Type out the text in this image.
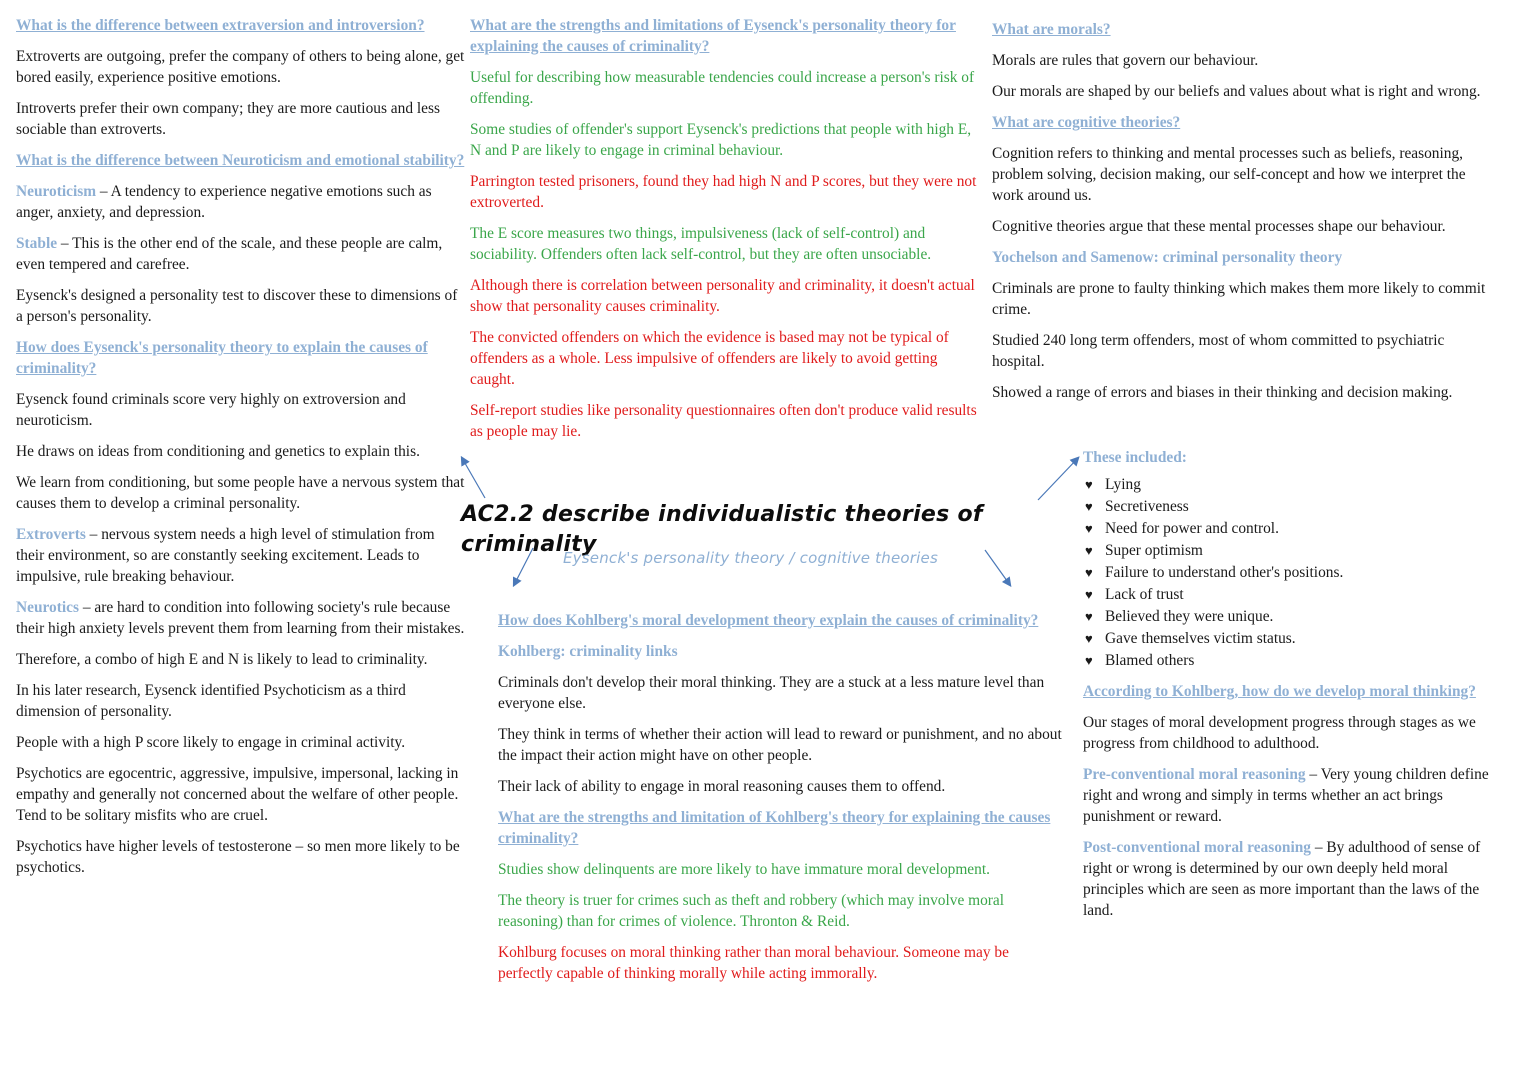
What is the difference between extraversion and introversion?

Extroverts are outgoing, prefer the company of others to being alone, get bored easily, experience positive emotions.

Introverts prefer their own company; they are more cautious and less sociable than extroverts.

What is the difference between Neuroticism and emotional stability?

Neuroticism – A tendency to experience negative emotions such as anger, anxiety, and depression.

Stable – This is the other end of the scale, and these people are calm, even tempered and carefree.

Eysenck's designed a personality test to discover these to dimensions of a person's personality.

How does Eysenck's personality theory to explain the causes of criminality?

Eysenck found criminals score very highly on extroversion and neuroticism.

He draws on ideas from conditioning and genetics to explain this.

We learn from conditioning, but some people have a nervous system that causes them to develop a criminal personality.

Extroverts – nervous system needs a high level of stimulation from their environment, so are constantly seeking excitement. Leads to impulsive, rule breaking behaviour.

Neurotics – are hard to condition into following society's rule because their high anxiety levels prevent them from learning from their mistakes.

Therefore, a combo of high E and N is likely to lead to criminality.

In his later research, Eysenck identified Psychoticism as a third dimension of personality.

People with a high P score likely to engage in criminal activity.

Psychotics are egocentric, aggressive, impulsive, impersonal, lacking in empathy and generally not concerned about the welfare of other people. Tend to be solitary misfits who are cruel.

Psychotics have higher levels of testosterone – so men more likely to be psychotics.

What are the strengths and limitations of Eysenck's personality theory for explaining the causes of criminality?

Useful for describing how measurable tendencies could increase a person's risk of offending.

Some studies of offender's support Eysenck's predictions that people with high E, N and P are likely to engage in criminal behaviour.

Parrington tested prisoners, found they had high N and P scores, but they were not extroverted.

The E score measures two things, impulsiveness (lack of self-control) and sociability. Offenders often lack self-control, but they are often unsociable.

Although there is correlation between personality and criminality, it doesn't actual show that personality causes criminality.

The convicted offenders on which the evidence is based may not be typical of offenders as a whole. Less impulsive of offenders are likely to avoid getting caught.

Self-report studies like personality questionnaires often don't produce valid results as people may lie.

AC2.2 describe individualistic theories of criminality
Eysenck's personality theory / cognitive theories
How does Kohlberg's moral development theory explain the causes of criminality?
Kohlberg: criminality links

Criminals don't develop their moral thinking. They are a stuck at a less mature level than everyone else.

They think in terms of whether their action will lead to reward or punishment, and no about the impact their action might have on other people.

Their lack of ability to engage in moral reasoning causes them to offend.

What are the strengths and limitation of Kohlberg's theory for explaining the causes criminality?

Studies show delinquents are more likely to have immature moral development.

The theory is truer for crimes such as theft and robbery (which may involve moral reasoning) than for crimes of violence. Thronton & Reid.

Kohlburg focuses on moral thinking rather than moral behaviour. Someone may be perfectly capable of thinking morally while acting immorally.

What are morals?

Morals are rules that govern our behaviour.

Our morals are shaped by our beliefs and values about what is right and wrong.

What are cognitive theories?

Cognition refers to thinking and mental processes such as beliefs, reasoning, problem solving, decision making, our self-concept and how we interpret the work around us.

Cognitive theories argue that these mental processes shape our behaviour.

Yochelson and Samenow: criminal personality theory

Criminals are prone to faulty thinking which makes them more likely to commit crime.

Studied 240 long term offenders, most of whom committed to psychiatric hospital.

Showed a range of errors and biases in their thinking and decision making.

These included:
♥ Lying
♥ Secretiveness
♥ Need for power and control.
♥ Super optimism
♥ Failure to understand other's positions.
♥ Lack of trust
♥ Believed they were unique.
♥ Gave themselves victim status.
♥ Blamed others
According to Kohlberg, how do we develop moral thinking?

Our stages of moral development progress through stages as we progress from childhood to adulthood.

Pre-conventional moral reasoning – Very young children define right and wrong and simply in terms whether an act brings punishment or reward.

Post-conventional moral reasoning – By adulthood of sense of right or wrong is determined by our own deeply held moral principles which are seen as more important than the laws of the land.
